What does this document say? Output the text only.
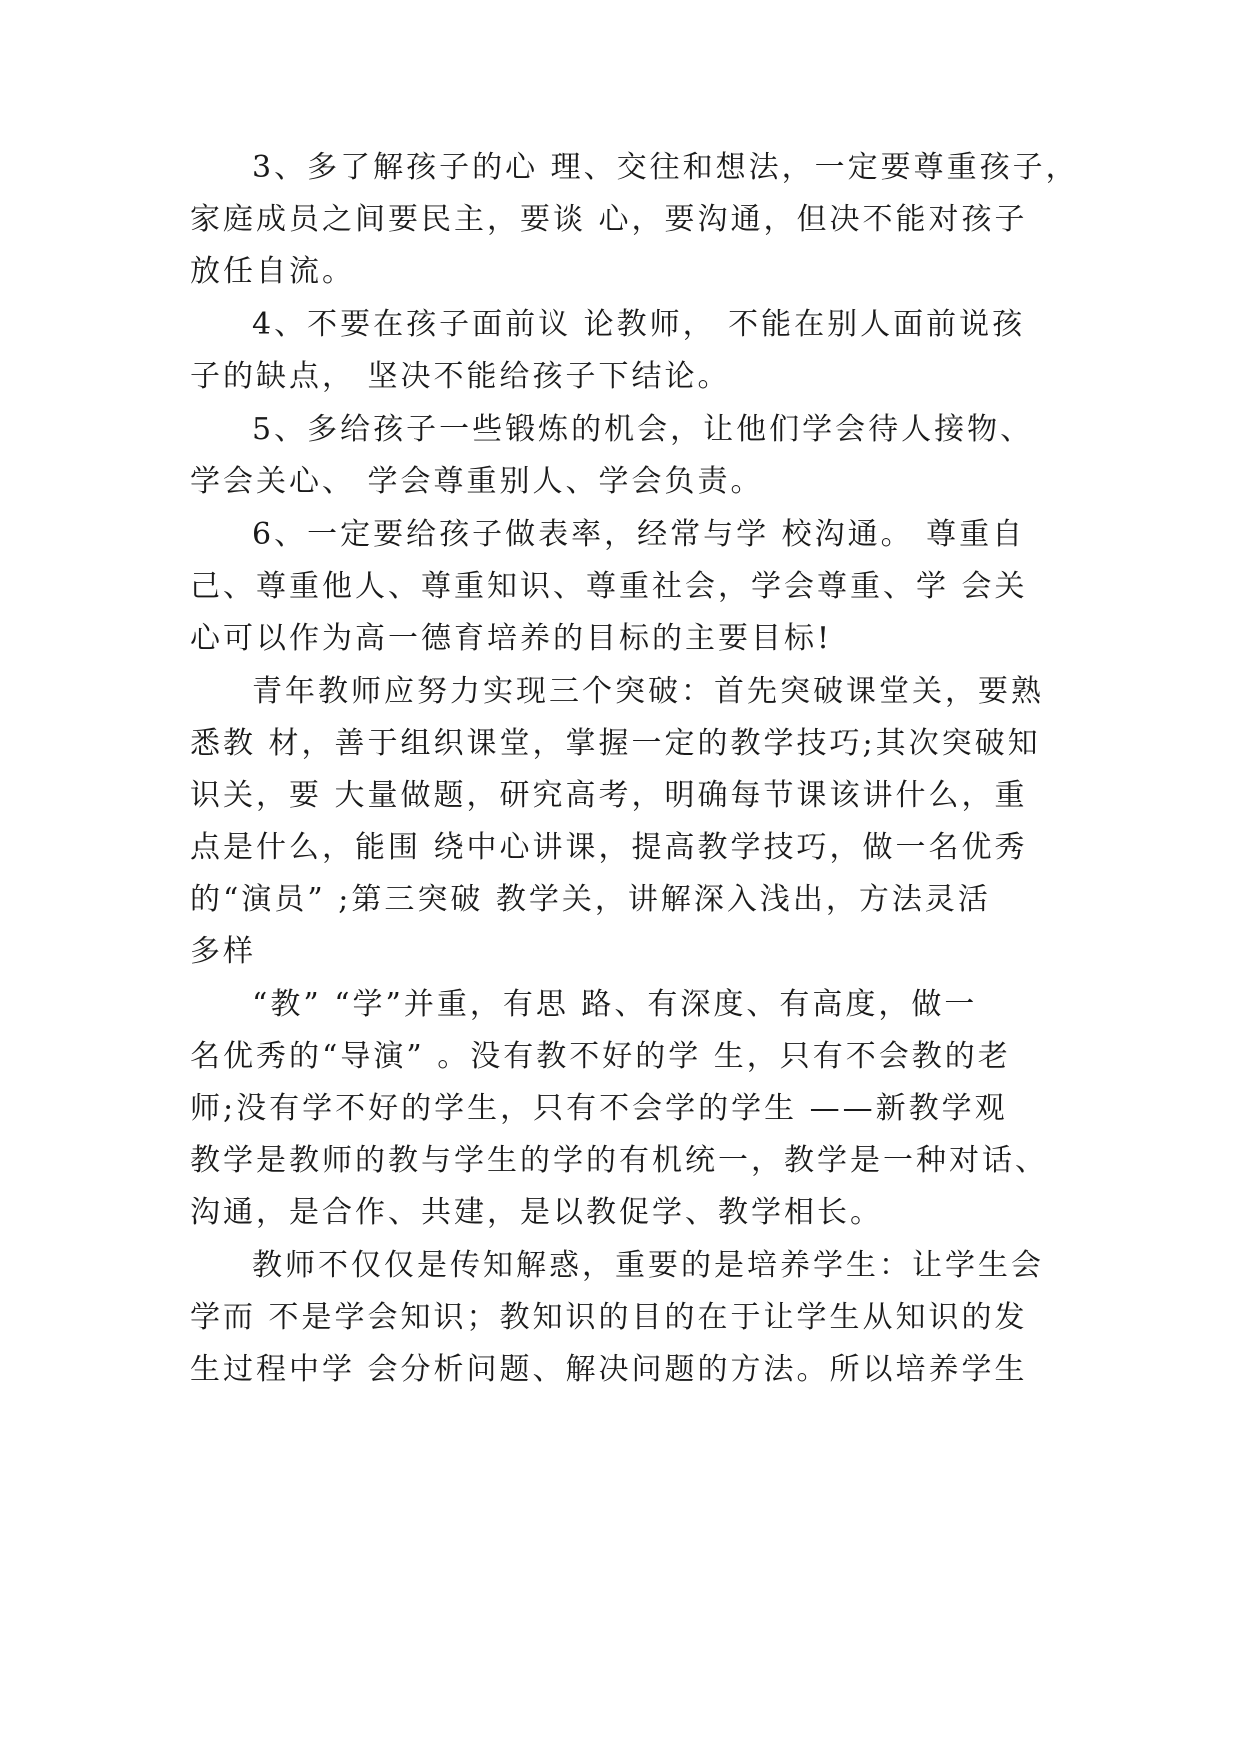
3、多了解孩子的心 理、交往和想法，一定要尊重孩子，
家庭成员之间要民主，要谈 心，要沟通，但决不能对孩子
放任自流。
4、不要在孩子面前议 论教师， 不能在别人面前说孩
子的缺点， 坚决不能给孩子下结论。
5、多给孩子一些锻炼的机会，让他们学会待人接物、
学会关心、 学会尊重别人、学会负责。
6、一定要给孩子做表率，经常与学 校沟通。 尊重自
己、尊重他人、尊重知识、尊重社会，学会尊重、学 会关
心可以作为高一德育培养的目标的主要目标!
青年教师应努力实现三个突破：首先突破课堂关，要熟
悉教 材，善于组织课堂，掌握一定的教学技巧;其次突破知
识关，要 大量做题，研究高考，明确每节课该讲什么，重
点是什么，能围 绕中心讲课，提高教学技巧，做一名优秀
的“演员” ;第三突破 教学关，讲解深入浅出，方法灵活
多样
“教” “学”并重，有思 路、有深度、有高度，做一
名优秀的“导演” 。没有教不好的学 生，只有不会教的老
师;没有学不好的学生，只有不会学的学生 ——新教学观
教学是教师的教与学生的学的有机统一，教学是一种对话、
沟通，是合作、共建，是以教促学、教学相长。
教师不仅仅是传知解惑，重要的是培养学生：让学生会
学而 不是学会知识；教知识的目的在于让学生从知识的发
生过程中学 会分析问题、解决问题的方法。所以培养学生
